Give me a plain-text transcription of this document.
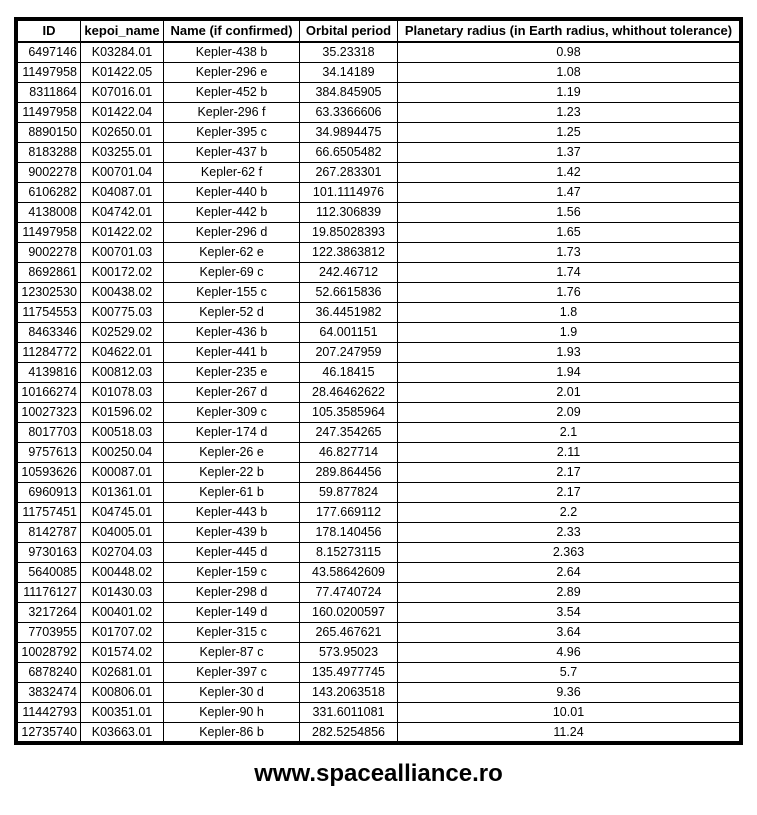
ID	kepoi_name	Name (if confirmed)	Orbital period	Planetary radius (in Earth radius, whithout tolerance)
6497146	K03284.01	Kepler-438 b	35.23318	0.98
11497958	K01422.05	Kepler-296 e	34.14189	1.08
8311864	K07016.01	Kepler-452 b	384.845905	1.19
11497958	K01422.04	Kepler-296 f	63.3366606	1.23
8890150	K02650.01	Kepler-395 c	34.9894475	1.25
8183288	K03255.01	Kepler-437 b	66.6505482	1.37
9002278	K00701.04	Kepler-62 f	267.283301	1.42
6106282	K04087.01	Kepler-440 b	101.1114976	1.47
4138008	K04742.01	Kepler-442 b	112.306839	1.56
11497958	K01422.02	Kepler-296 d	19.85028393	1.65
9002278	K00701.03	Kepler-62 e	122.3863812	1.73
8692861	K00172.02	Kepler-69 c	242.46712	1.74
12302530	K00438.02	Kepler-155 c	52.6615836	1.76
11754553	K00775.03	Kepler-52 d	36.4451982	1.8
8463346	K02529.02	Kepler-436 b	64.001151	1.9
11284772	K04622.01	Kepler-441 b	207.247959	1.93
4139816	K00812.03	Kepler-235 e	46.18415	1.94
10166274	K01078.03	Kepler-267 d	28.46462622	2.01
10027323	K01596.02	Kepler-309 c	105.3585964	2.09
8017703	K00518.03	Kepler-174 d	247.354265	2.1
9757613	K00250.04	Kepler-26 e	46.827714	2.11
10593626	K00087.01	Kepler-22 b	289.864456	2.17
6960913	K01361.01	Kepler-61 b	59.877824	2.17
11757451	K04745.01	Kepler-443 b	177.669112	2.2
8142787	K04005.01	Kepler-439 b	178.140456	2.33
9730163	K02704.03	Kepler-445 d	8.15273115	2.363
5640085	K00448.02	Kepler-159 c	43.58642609	2.64
11176127	K01430.03	Kepler-298 d	77.4740724	2.89
3217264	K00401.02	Kepler-149 d	160.0200597	3.54
7703955	K01707.02	Kepler-315 c	265.467621	3.64
10028792	K01574.02	Kepler-87 c	573.95023	4.96
6878240	K02681.01	Kepler-397 c	135.4977745	5.7
3832474	K00806.01	Kepler-30 d	143.2063518	9.36
11442793	K00351.01	Kepler-90 h	331.6011081	10.01
12735740	K03663.01	Kepler-86 b	282.5254856	11.24
www.spacealliance.ro
